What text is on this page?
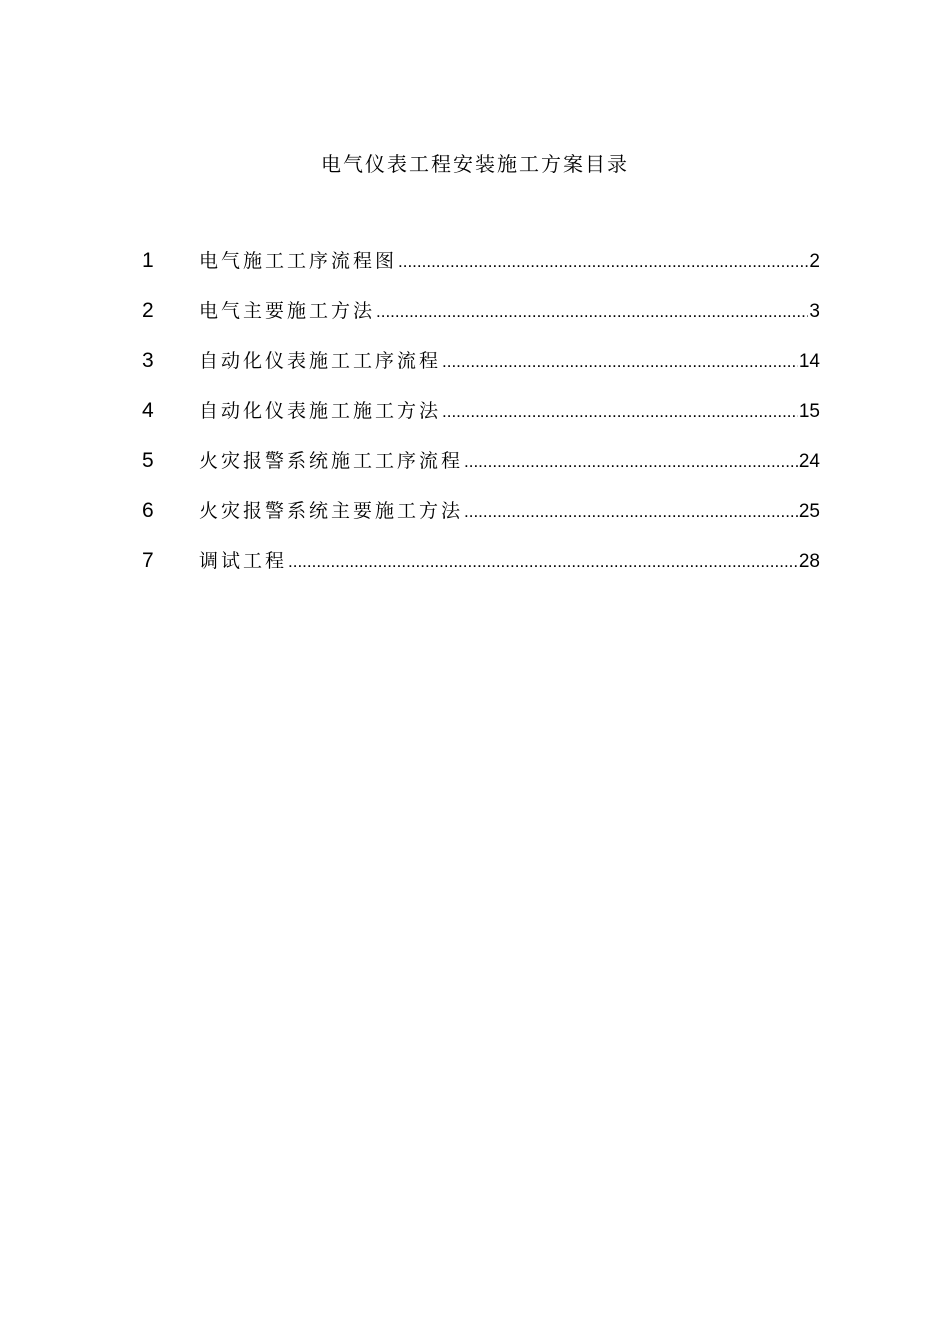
电气仪表工程安装施工方案目录
1	电气施工工序流程图 .....	2
2	电气主要施工方法 .....	3
3	自动化仪表施工工序流程 .....	14
4	自动化仪表施工施工方法 .....	15
5	火灾报警系统施工工序流程 .....	24
6	火灾报警系统主要施工方法 .....	25
7	调试工程 .....	28
